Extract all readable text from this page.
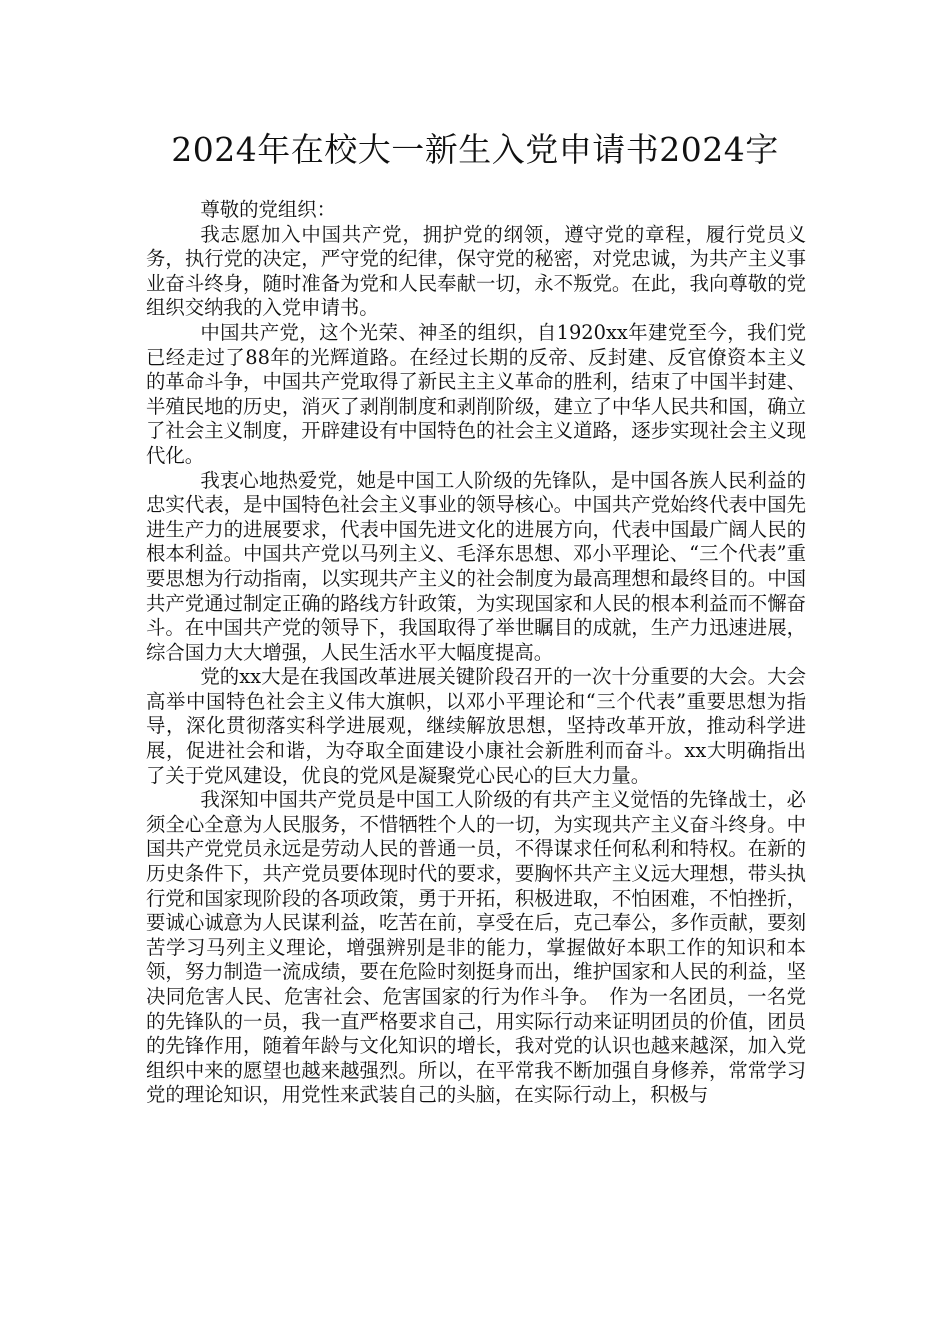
2024年在校大一新生入党申请书2024字

尊敬的党组织：

我志愿加入中国共产党，拥护党的纲领，遵守党的章程，履行党员义务，执行党的决定，严守党的纪律，保守党的秘密，对党忠诚，为共产主义事业奋斗终身，随时准备为党和人民奉献一切，永不叛党。在此，我向尊敬的党组织交纳我的入党申请书。

中国共产党，这个光荣、神圣的组织，自1920xx年建党至今，我们党已经走过了88年的光辉道路。在经过长期的反帝、反封建、反官僚资本主义的革命斗争，中国共产党取得了新民主主义革命的胜利，结束了中国半封建、半殖民地的历史，消灭了剥削制度和剥削阶级，建立了中华人民共和国，确立了社会主义制度，开辟建设有中国特色的社会主义道路，逐步实现社会主义现代化。

我衷心地热爱党，她是中国工人阶级的先锋队，是中国各族人民利益的忠实代表，是中国特色社会主义事业的领导核心。中国共产党始终代表中国先进生产力的进展要求，代表中国先进文化的进展方向，代表中国最广阔人民的根本利益。中国共产党以马列主义、毛泽东思想、邓小平理论、“三个代表”重要思想为行动指南，以实现共产主义的社会制度为最高理想和最终目的。中国共产党通过制定正确的路线方针政策，为实现国家和人民的根本利益而不懈奋斗。在中国共产党的领导下，我国取得了举世瞩目的成就，生产力迅速进展，综合国力大大增强，人民生活水平大幅度提高。

党的xx大是在我国改革进展关键阶段召开的一次十分重要的大会。大会高举中国特色社会主义伟大旗帜，以邓小平理论和“三个代表”重要思想为指导，深化贯彻落实科学进展观，继续解放思想，坚持改革开放，推动科学进展，促进社会和谐，为夺取全面建设小康社会新胜利而奋斗。xx大明确指出了关于党风建设，优良的党风是凝聚党心民心的巨大力量。

我深知中国共产党员是中国工人阶级的有共产主义觉悟的先锋战士，必须全心全意为人民服务，不惜牺牲个人的一切，为实现共产主义奋斗终身。中国共产党党员永远是劳动人民的普通一员，不得谋求任何私利和特权。在新的历史条件下，共产党员要体现时代的要求，要胸怀共产主义远大理想，带头执行党和国家现阶段的各项政策，勇于开拓，积极进取，不怕困难，不怕挫折，要诚心诚意为人民谋利益，吃苦在前，享受在后，克己奉公，多作贡献，要刻苦学习马列主义理论，增强辨别是非的能力，掌握做好本职工作的知识和本领，努力制造一流成绩，要在危险时刻挺身而出，维护国家和人民的利益，坚决同危害人民、危害社会、危害国家的行为作斗争。　作为一名团员，一名党的先锋队的一员，我一直严格要求自己，用实际行动来证明团员的价值，团员的先锋作用，随着年龄与文化知识的增长，我对党的认识也越来越深，加入党组织中来的愿望也越来越强烈。所以，在平常我不断加强自身修养，常常学习党的理论知识，用党性来武装自己的头脑，在实际行动上，积极与
